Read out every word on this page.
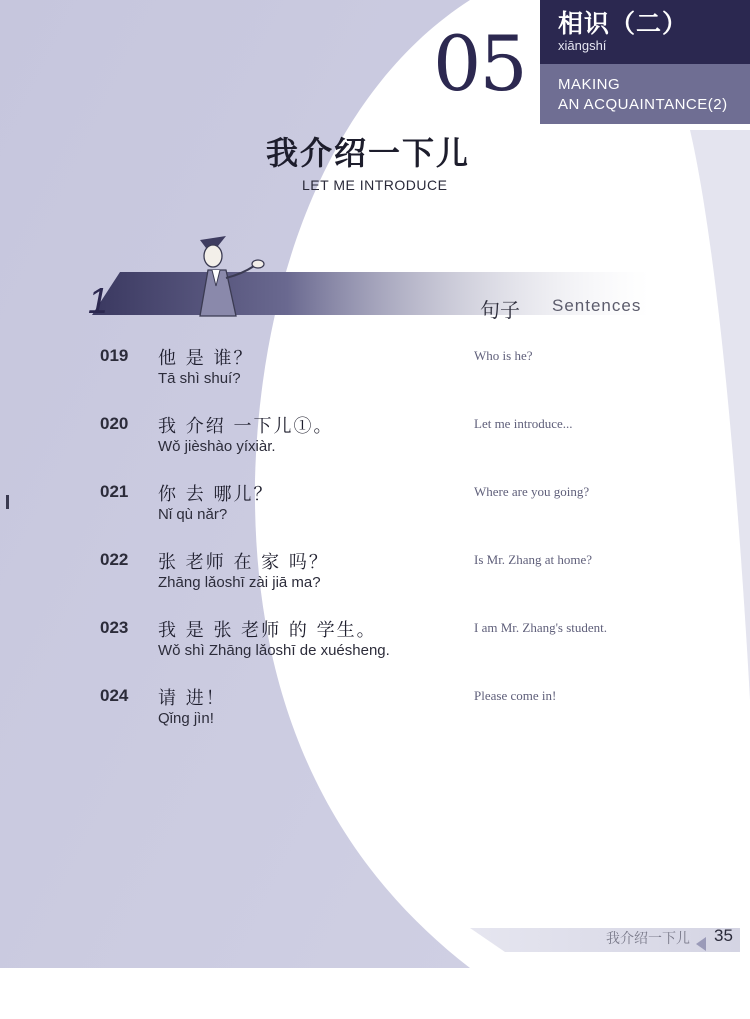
相识（二）
xiāngshí
MAKING
AN ACQUAINTANCE(2)
05
我介绍一下儿
LET ME INTRODUCE
1	句子 Sentences
019 他 是 谁？
Tā shì shuí?
Who is he?
020 我 介绍 一下儿①。
Wǒ jièshào yíxiàr.
Let me introduce...
021 你 去 哪儿？
Nǐ qù nǎr?
Where are you going?
022 张 老师 在 家 吗？
Zhāng lǎoshī zài jiā ma?
Is Mr. Zhang at home?
023 我 是 张 老师 的 学生。
Wǒ shì Zhāng lǎoshī de xuésheng.
I am Mr. Zhang's student.
024 请 进！
Qǐng jìn!
Please come in!
我介绍一下儿 35
